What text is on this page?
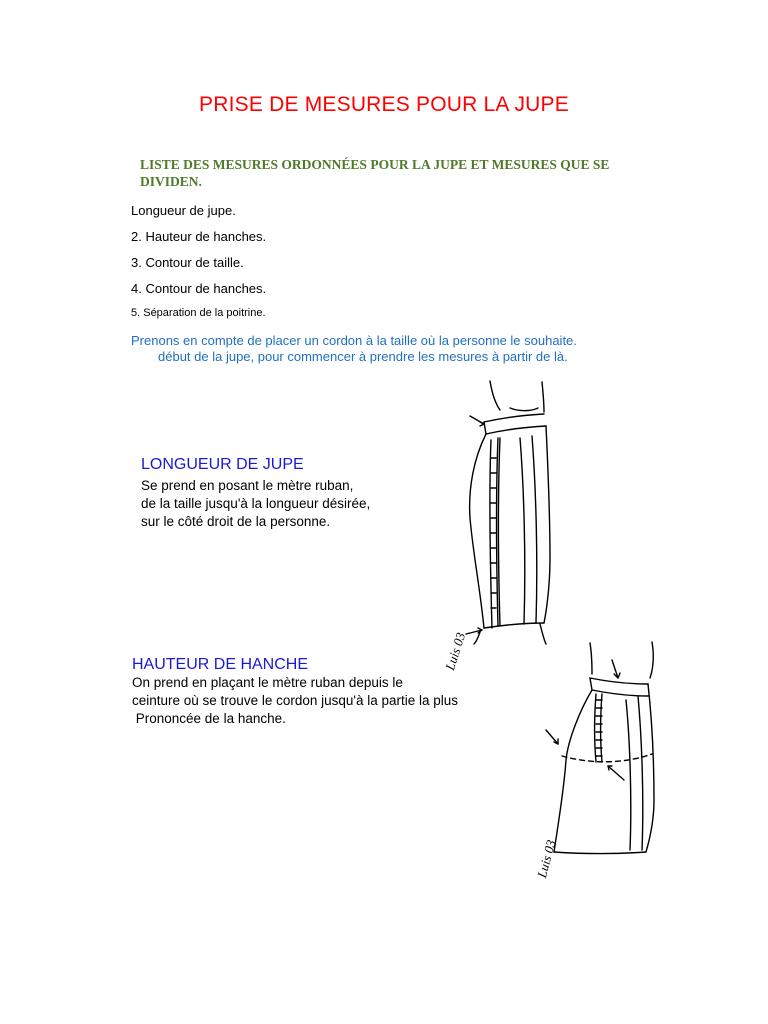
PRISE DE MESURES POUR LA JUPE
LISTE DES MESURES ORDONNÉES POUR LA JUPE ET MESURES QUE SE DIVIDEN.
Longueur de jupe.
2. Hauteur de hanches.
3. Contour de taille.
4. Contour de hanches.
5. Séparation de la poitrine.
Prenons en compte de placer un cordon à la taille où la personne le souhaite.
début de la jupe, pour commencer à prendre les mesures à partir de là.
LONGUEUR DE JUPE
Se prend en posant le mètre ruban,
de la taille jusqu'à la longueur désirée,
sur le côté droit de la personne.
Luis 03
HAUTEUR DE HANCHE
On prend en plaçant le mètre ruban depuis le
ceinture où se trouve le cordon jusqu'à la partie la plus
Prononcée de la hanche.
Luis 03
